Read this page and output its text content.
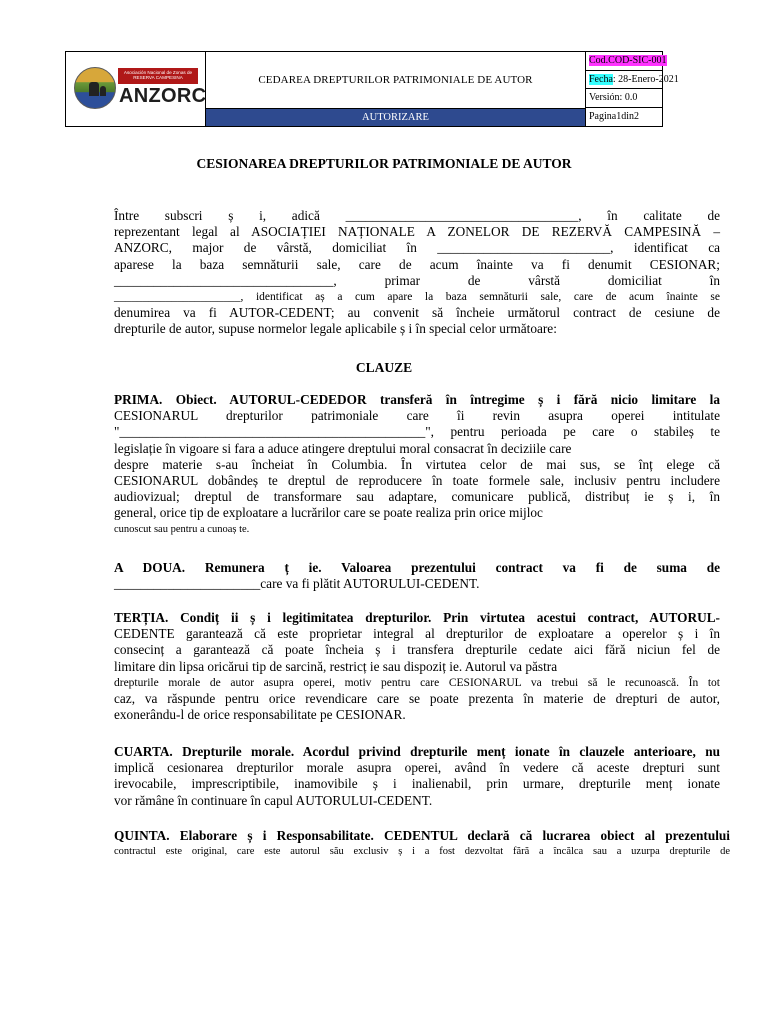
Asociación Nacional de Zonas de RESERVA CAMPESINA
ANZORC
CEDAREA DREPTURILOR PATRIMONIALE DE AUTOR
AUTORIZARE
Cod.COD-SIC-001
Fecha: 28-Enero-2021
Versión: 0.0
Pagina1din2
CESIONAREA DREPTURILOR PATRIMONIALE DE AUTOR

Între subscri ș i, adică ___________________________________, în calitate de

reprezentant legal al ASOCIAȚIEI NAȚIONALE A ZONELOR DE REZERVĂ CAMPESINĂ –

ANZORC, major de vârstă, domiciliat în __________________________, identificat ca

aparese la baza semnăturii sale, care de acum înainte va fi denumit CESIONAR;

_________________________________, primar de vârstă domiciliat în

______________________, identificat aș a cum apare la baza semnăturii sale, care de acum înainte se

denumirea va fi AUTOR-CEDENT; au convenit să încheie următorul contract de cesiune de

drepturile de autor, supuse normelor legale aplicabile ș i în special celor următoare:

CLAUZE

PRIMA. Obiect. AUTORUL-CEDEDOR transferă în întregime ș i fără nicio limitare la

CESIONARUL drepturilor patrimoniale care îi revin asupra operei intitulate

"______________________________________________", pentru perioada pe care o stabileș te

legislație în vigoare si fara a aduce atingere dreptului moral consacrat în deciziile care

despre materie s-au încheiat în Columbia. În virtutea celor de mai sus, se înț elege că

CESIONARUL dobândeș te dreptul de reproducere în toate formele sale, inclusiv pentru includere

audiovizual; dreptul de transformare sau adaptare, comunicare publică, distribuț ie ș i, în

general, orice tip de exploatare a lucrărilor care se poate realiza prin orice mijloc

cunoscut sau pentru a cunoaș te.

A DOUA. Remunera ț ie. Valoarea prezentului contract va fi de suma de

______________________care va fi plătit AUTORULUI-CEDENT.

TERȚIA. Condiț ii ș i legitimitatea drepturilor. Prin virtutea acestui contract, AUTORUL-

CEDENTE garantează că este proprietar integral al drepturilor de exploatare a operelor ș i în

consecinț a garantează că poate încheia ș i transfera drepturile cedate aici fără niciun fel de

limitare din lipsa oricărui tip de sarcină, restricț ie sau dispoziț ie. Autorul va păstra

drepturile morale de autor asupra operei, motiv pentru care CESIONARUL va trebui să le recunoască. În tot

caz, va răspunde pentru orice revendicare care se poate prezenta în materie de drepturi de autor,

exonerându-l de orice responsabilitate pe CESIONAR.

CUARTA. Drepturile morale. Acordul privind drepturile menț ionate în clauzele anterioare, nu

implică cesionarea drepturilor morale asupra operei, având în vedere că aceste drepturi sunt

irevocabile, imprescriptibile, inamovibile ș i inalienabil, prin urmare, drepturile menț ionate

vor rămâne în continuare în capul AUTORULUI-CEDENT.

QUINTA. Elaborare ș i Responsabilitate. CEDENTUL declară că lucrarea obiect al prezentului

contractul este original, care este autorul său exclusiv ș i a fost dezvoltat fără a încălca sau a uzurpa drepturile de
